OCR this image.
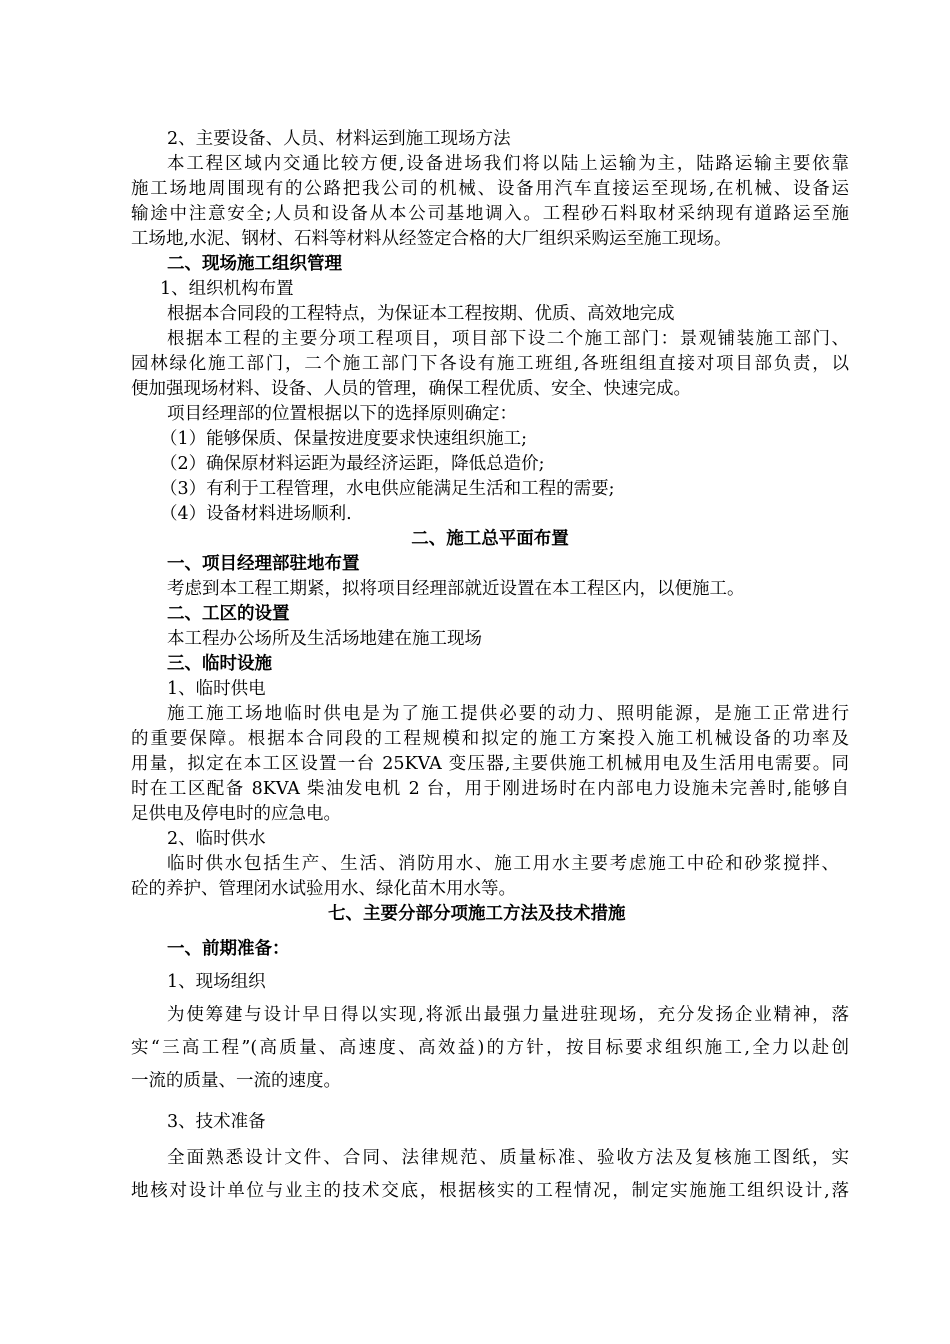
2、主要设备、人员、材料运到施工现场方法

本工程区域内交通比较方便,设备进场我们将以陆上运输为主，陆路运输主要依靠

施工场地周围现有的公路把我公司的机械、设备用汽车直接运至现场,在机械、设备运

输途中注意安全;人员和设备从本公司基地调入。工程砂石料取材采纳现有道路运至施

工场地,水泥、钢材、石料等材料从经签定合格的大厂组织采购运至施工现场。

二、现场施工组织管理

1、组织机构布置

根据本合同段的工程特点，为保证本工程按期、优质、高效地完成

根据本工程的主要分项工程项目，项目部下设二个施工部门：景观铺装施工部门、

园林绿化施工部门，二个施工部门下各设有施工班组,各班组组直接对项目部负责，以

便加强现场材料、设备、人员的管理，确保工程优质、安全、快速完成。

项目经理部的位置根据以下的选择原则确定：

（1）能够保质、保量按进度要求快速组织施工;

（2）确保原材料运距为最经济运距，降低总造价;

（3）有利于工程管理，水电供应能满足生活和工程的需要;

（4）设备材料进场顺利.

二、施工总平面布置

一、项目经理部驻地布置

考虑到本工程工期紧，拟将项目经理部就近设置在本工程区内，以便施工。

二、工区的设置

本工程办公场所及生活场地建在施工现场

三、临时设施

1、临时供电

施工施工场地临时供电是为了施工提供必要的动力、照明能源，是施工正常进行

的重要保障。根据本合同段的工程规模和拟定的施工方案投入施工机械设备的功率及

用量，拟定在本工区设置一台 25KVA 变压器,主要供施工机械用电及生活用电需要。同

时在工区配备 8KVA 柴油发电机 2 台，用于刚进场时在内部电力设施未完善时,能够自

足供电及停电时的应急电。

2、临时供水

临时供水包括生产、生活、消防用水、施工用水主要考虑施工中砼和砂浆搅拌、

砼的养护、管理闭水试验用水、绿化苗木用水等。

七、主要分部分项施工方法及技术措施

一、前期准备：

1、现场组织

为使筹建与设计早日得以实现,将派出最强力量进驻现场，充分发扬企业精神，落

实“三高工程”(高质量、高速度、高效益)的方针，按目标要求组织施工,全力以赴创

一流的质量、一流的速度。

3、技术准备

全面熟悉设计文件、合同、法律规范、质量标准、验收方法及复核施工图纸，实

地核对设计单位与业主的技术交底，根据核实的工程情况，制定实施施工组织设计,落
